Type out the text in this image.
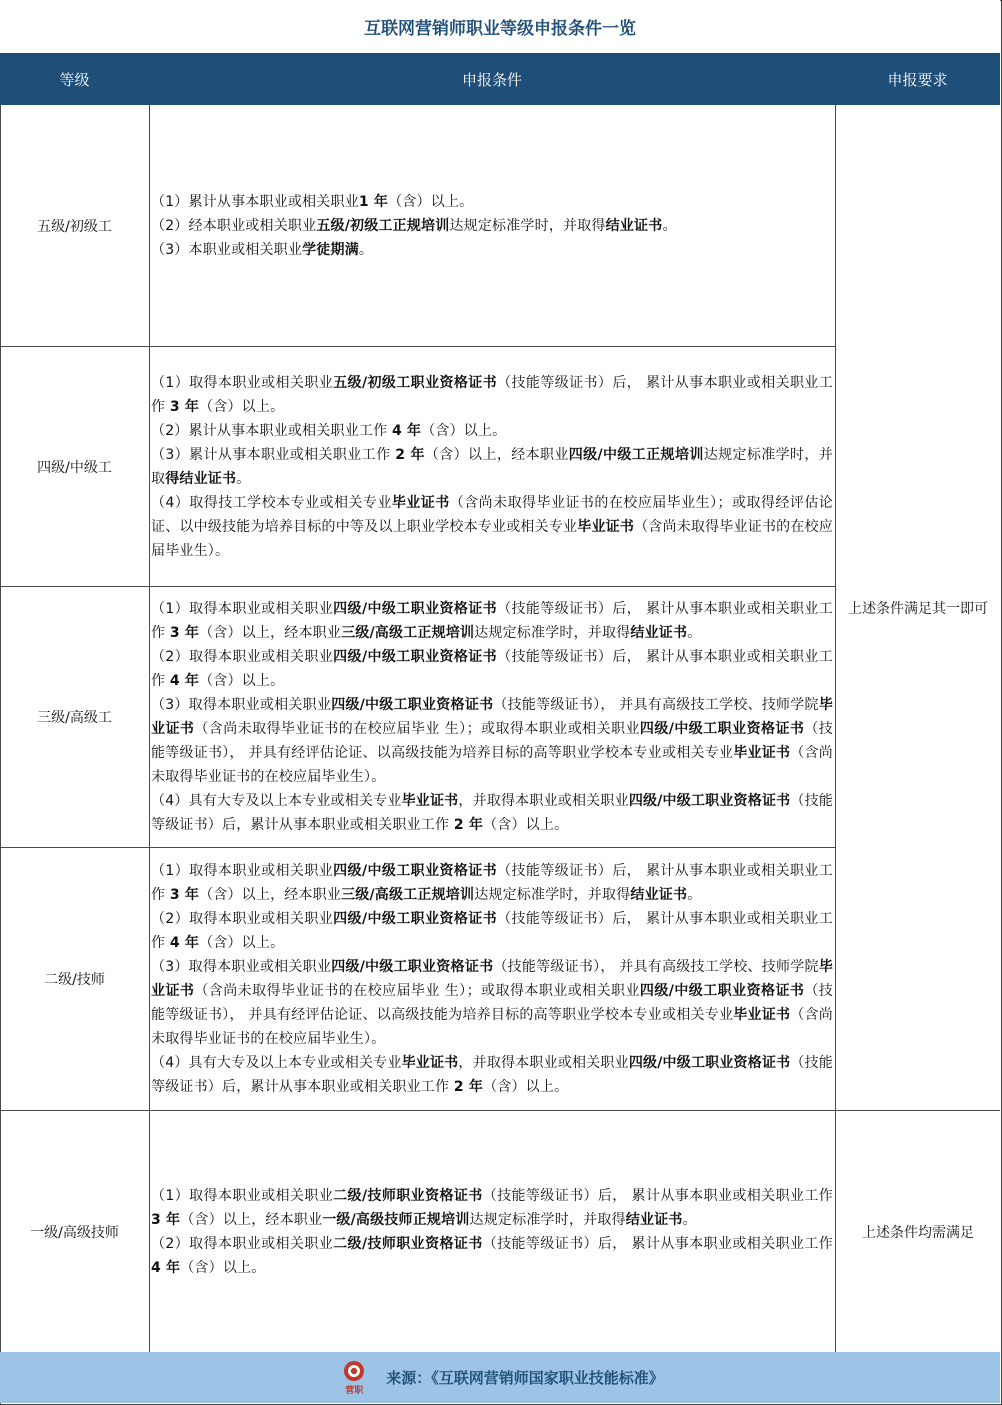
互联网营销师职业等级申报条件一览
等级	申报条件	申报要求
五级/初级工

（1）累计从事本职业或相关职业1 年（含）以上。

（2）经本职业或相关职业五级/初级工正规培训达规定标准学时，并取得结业证书。

（3）本职业或相关职业学徒期满。

四级/中级工

（1）取得本职业或相关职业五级/初级工职业资格证书（技能等级证书）后， 累计从事本职业或相关职业工作 3 年（含）以上。

（2）累计从事本职业或相关职业工作 4 年（含）以上。

（3）累计从事本职业或相关职业工作 2 年（含）以上，经本职业四级/中级工正规培训达规定标准学时，并取得结业证书。

（4）取得技工学校本专业或相关专业毕业证书（含尚未取得毕业证书的在校应届毕业生）；或取得经评估论证、以中级技能为培养目标的中等及以上职业学校本专业或相关专业毕业证书（含尚未取得毕业证书的在校应届毕业生）。

三级/高级工

（1）取得本职业或相关职业四级/中级工职业资格证书（技能等级证书）后， 累计从事本职业或相关职业工作 3 年（含）以上，经本职业三级/高级工正规培训达规定标准学时，并取得结业证书。

（2）取得本职业或相关职业四级/中级工职业资格证书（技能等级证书）后， 累计从事本职业或相关职业工作 4 年（含）以上。

（3）取得本职业或相关职业四级/中级工职业资格证书（技能等级证书）， 并具有高级技工学校、技师学院毕业证书（含尚未取得毕业证书的在校应届毕业 生）；或取得本职业或相关职业四级/中级工职业资格证书（技能等级证书）， 并具有经评估论证、以高级技能为培养目标的高等职业学校本专业或相关专业毕业证书（含尚未取得毕业证书的在校应届毕业生）。

（4）具有大专及以上本专业或相关专业毕业证书，并取得本职业或相关职业四级/中级工职业资格证书（技能等级证书）后，累计从事本职业或相关职业工作 2 年（含）以上。

二级/技师

（1）取得本职业或相关职业四级/中级工职业资格证书（技能等级证书）后， 累计从事本职业或相关职业工作 3 年（含）以上，经本职业三级/高级工正规培训达规定标准学时，并取得结业证书。

（2）取得本职业或相关职业四级/中级工职业资格证书（技能等级证书）后， 累计从事本职业或相关职业工作 4 年（含）以上。

（3）取得本职业或相关职业四级/中级工职业资格证书（技能等级证书）， 并具有高级技工学校、技师学院毕业证书（含尚未取得毕业证书的在校应届毕业 生）；或取得本职业或相关职业四级/中级工职业资格证书（技能等级证书）， 并具有经评估论证、以高级技能为培养目标的高等职业学校本专业或相关专业毕业证书（含尚未取得毕业证书的在校应届毕业生）。

（4）具有大专及以上本专业或相关专业毕业证书，并取得本职业或相关职业四级/中级工职业资格证书（技能等级证书）后，累计从事本职业或相关职业工作 2 年（含）以上。

一级/高级技师

（1）取得本职业或相关职业二级/技师职业资格证书（技能等级证书）后， 累计从事本职业或相关职业工作 3 年（含）以上，经本职业一级/高级技师正规培训达规定标准学时，并取得结业证书。

（2）取得本职业或相关职业二级/技师职业资格证书（技能等级证书）后， 累计从事本职业或相关职业工作 4 年（含）以上。

上述条件满足其一即可
上述条件均需满足
营职
来源：《互联网营销师国家职业技能标准》
